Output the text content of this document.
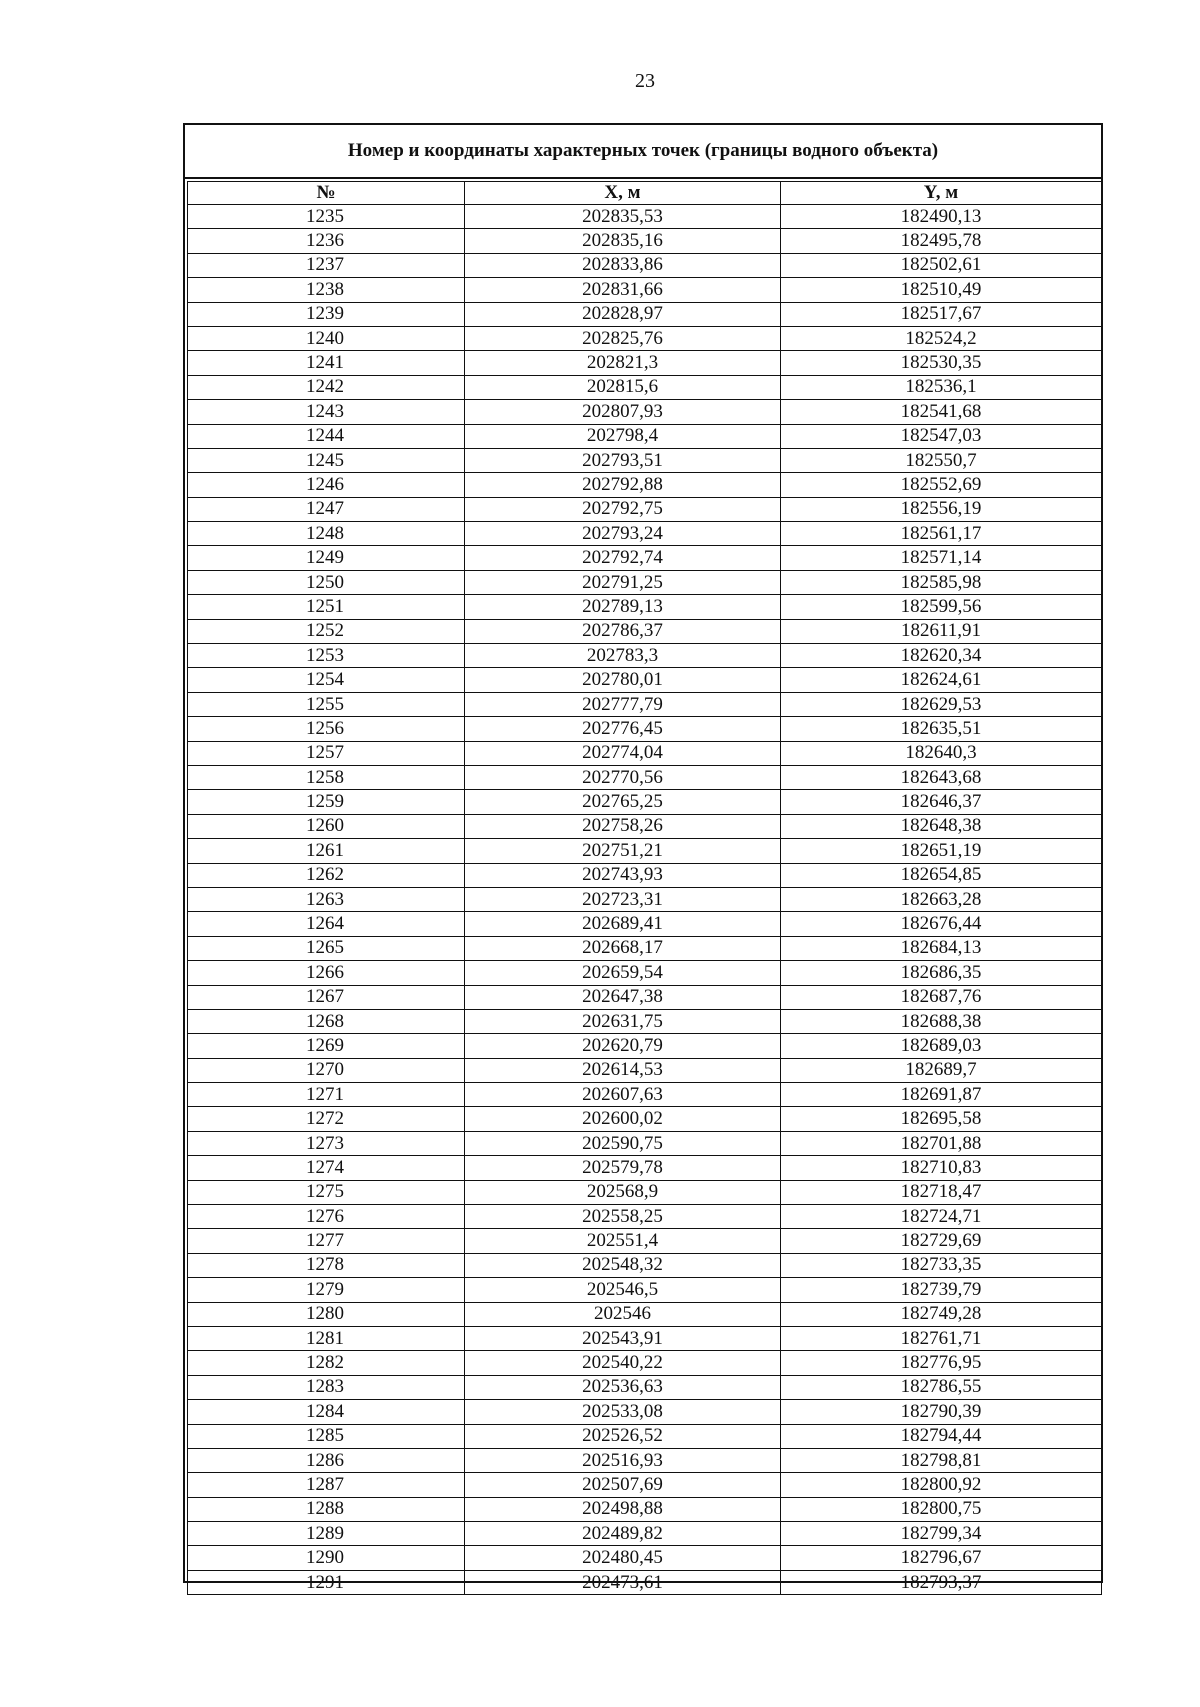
23
Номер и координаты характерных точек (границы водного объекта)
№	X, м	Y, м
1235	202835,53	182490,13
1236	202835,16	182495,78
1237	202833,86	182502,61
1238	202831,66	182510,49
1239	202828,97	182517,67
1240	202825,76	182524,2
1241	202821,3	182530,35
1242	202815,6	182536,1
1243	202807,93	182541,68
1244	202798,4	182547,03
1245	202793,51	182550,7
1246	202792,88	182552,69
1247	202792,75	182556,19
1248	202793,24	182561,17
1249	202792,74	182571,14
1250	202791,25	182585,98
1251	202789,13	182599,56
1252	202786,37	182611,91
1253	202783,3	182620,34
1254	202780,01	182624,61
1255	202777,79	182629,53
1256	202776,45	182635,51
1257	202774,04	182640,3
1258	202770,56	182643,68
1259	202765,25	182646,37
1260	202758,26	182648,38
1261	202751,21	182651,19
1262	202743,93	182654,85
1263	202723,31	182663,28
1264	202689,41	182676,44
1265	202668,17	182684,13
1266	202659,54	182686,35
1267	202647,38	182687,76
1268	202631,75	182688,38
1269	202620,79	182689,03
1270	202614,53	182689,7
1271	202607,63	182691,87
1272	202600,02	182695,58
1273	202590,75	182701,88
1274	202579,78	182710,83
1275	202568,9	182718,47
1276	202558,25	182724,71
1277	202551,4	182729,69
1278	202548,32	182733,35
1279	202546,5	182739,79
1280	202546	182749,28
1281	202543,91	182761,71
1282	202540,22	182776,95
1283	202536,63	182786,55
1284	202533,08	182790,39
1285	202526,52	182794,44
1286	202516,93	182798,81
1287	202507,69	182800,92
1288	202498,88	182800,75
1289	202489,82	182799,34
1290	202480,45	182796,67
1291	202473,61	182793,37
